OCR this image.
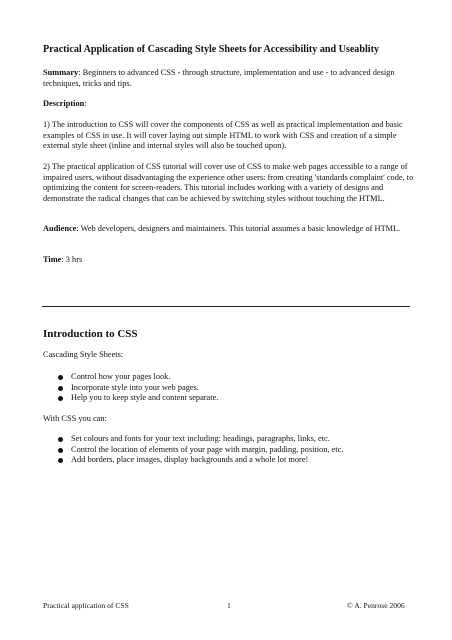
Practical Application of Cascading Style Sheets for Accessibility and Useablity
Summary: Beginners to advanced CSS - through structure, implementation and use - to advanced design techniques, tricks and tips.
Description:
1) The introduction to CSS will cover the components of CSS as well as practical implementation and basic examples of CSS in use. It will cover laying out simple HTML to work with CSS and creation of a simple external style sheet (inline and internal styles will also be touched upon).
2) The practical application of CSS tutorial will cover use of CSS to make web pages accessible to a range of impaired users, without disadvantaging the experience other users: from creating 'standards complaint' code, to optimizing the content for screen-readers. This tutorial includes working with a variety of designs and demonstrate the radical changes that can be achieved by switching styles without touching the HTML.
Audience: Web developers, designers and maintainers. This tutorial assumes a basic knowledge of HTML.
Time: 3 hrs
Introduction to CSS
Cascading Style Sheets:
Control how your pages look.
Incorporate style into your web pages.
Help you to keep style and content separate.
With CSS you can:
Set colours and fonts for your text including: headings, paragraphs, links, etc.
Control the location of elements of your page with margin, padding, position, etc.
Add borders, place images, display backgrounds and a whole lot more!
Practical application of CSS	1	© A. Penrose 2006
